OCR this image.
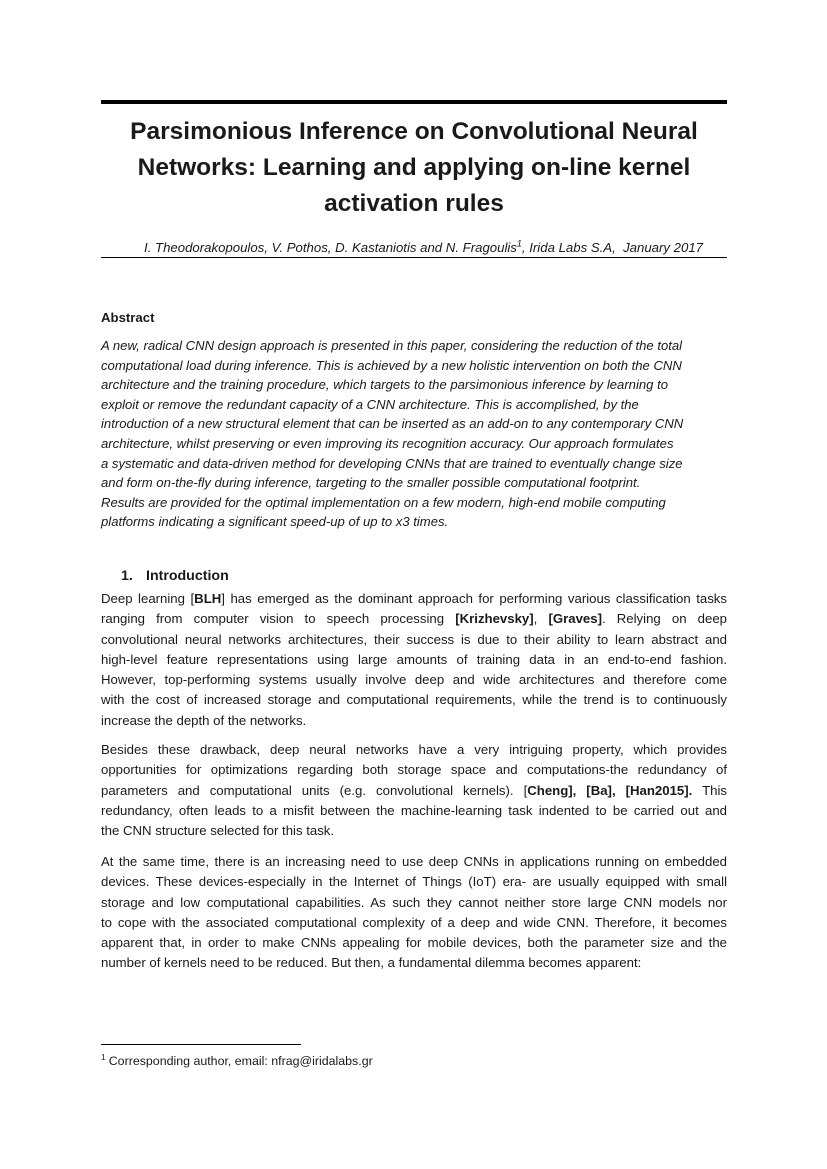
Parsimonious Inference on Convolutional Neural
Networks: Learning and applying on-line kernel
activation rules
I. Theodorakopoulos, V. Pothos, D. Kastaniotis and N. Fragoulis$^1$, Irida Labs S.A,  January 2017
Abstract
A new, radical CNN design approach is presented in this paper, considering the reduction of the total
computational load during inference. This is achieved by a new holistic intervention on both the CNN
architecture and the training procedure, which targets to the parsimonious inference by learning to
exploit or remove the redundant capacity of a CNN architecture. This is accomplished, by the
introduction of a new structural element that can be inserted as an add-on to any contemporary CNN
architecture, whilst preserving or even improving its recognition accuracy. Our approach formulates
a systematic and data-driven method for developing CNNs that are trained to eventually change size
and form on-the-fly during inference, targeting to the smaller possible computational footprint.
Results are provided for the optimal implementation on a few modern, high-end mobile computing
platforms indicating a significant speed-up of up to x3 times.
1. Introduction
Deep learning [BLH] has emerged as the dominant approach for performing various classification tasks
ranging from computer vision to speech processing [Krizhevsky], [Graves]. Relying on deep
convolutional neural networks architectures, their success is due to their ability to learn abstract and
high-level feature representations using large amounts of training data in an end-to-end fashion.
However, top-performing systems usually involve deep and wide architectures and therefore come
with the cost of increased storage and computational requirements, while the trend is to continuously
increase the depth of the networks.
Besides these drawback, deep neural networks have a very intriguing property, which provides
opportunities for optimizations regarding both storage space and computations-the redundancy of
parameters and computational units (e.g. convolutional kernels). [Cheng], [Ba], [Han2015]. This
redundancy, often leads to a misfit between the machine-learning task indented to be carried out and
the CNN structure selected for this task.
At the same time, there is an increasing need to use deep CNNs in applications running on embedded
devices. These devices-especially in the Internet of Things (IoT) era- are usually equipped with small
storage and low computational capabilities. As such they cannot neither store large CNN models nor
to cope with the associated computational complexity of a deep and wide CNN. Therefore, it becomes
apparent that, in order to make CNNs appealing for mobile devices, both the parameter size and the
number of kernels need to be reduced. But then, a fundamental dilemma becomes apparent:
$^1$ Corresponding author, email: nfrag@iridalabs.gr
